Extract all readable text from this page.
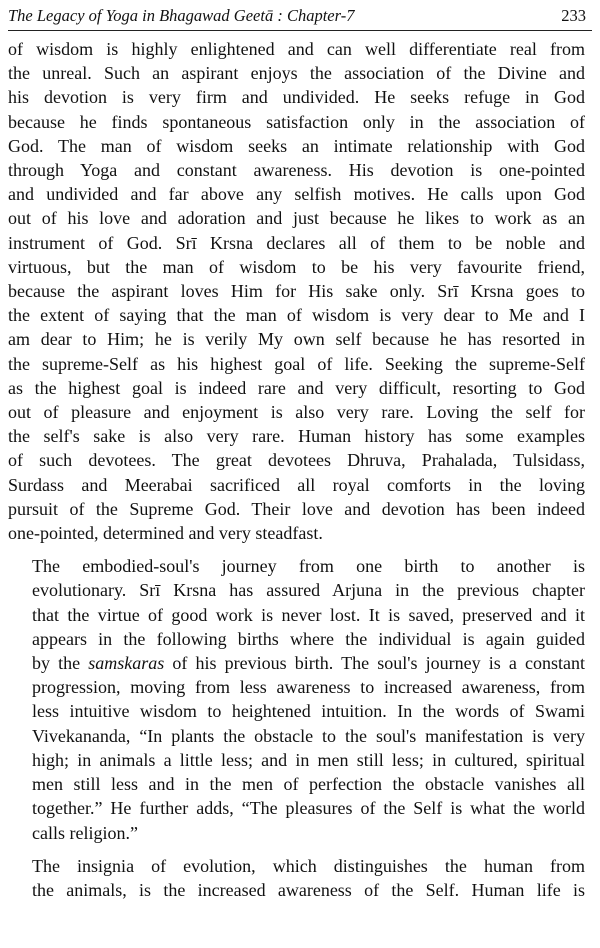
The Legacy of Yoga in Bhagawad Geetā : Chapter-7	233

of wisdom is highly enlightened and can well differentiate real from
the unreal. Such an aspirant enjoys the association of the Divine and
his devotion is very firm and undivided. He seeks refuge in God
because he finds spontaneous satisfaction only in the association of
God. The man of wisdom seeks an intimate relationship with God
through Yoga and constant awareness. His devotion is one-pointed
and undivided and far above any selfish motives. He calls upon God
out of his love and adoration and just because he likes to work as an
instrument of God. Srī Krsna declares all of them to be noble and
virtuous, but the man of wisdom to be his very favourite friend,
because the aspirant loves Him for His sake only. Srī Krsna goes to
the extent of saying that the man of wisdom is very dear to Me and I
am dear to Him; he is verily My own self because he has resorted in
the supreme-Self as his highest goal of life. Seeking the supreme-Self
as the highest goal is indeed rare and very difficult, resorting to God
out of pleasure and enjoyment is also very rare. Loving the self for
the self's sake is also very rare. Human history has some examples
of such devotees. The great devotees Dhruva, Prahalada, Tulsidass,
Surdass and Meerabai sacrificed all royal comforts in the loving
pursuit of the Supreme God. Their love and devotion has been indeed
one-pointed, determined and very steadfast.

The embodied-soul's journey from one birth to another is
evolutionary. Srī Krsna has assured Arjuna in the previous chapter
that the virtue of good work is never lost. It is saved, preserved and it
appears in the following births where the individual is again guided
by the samskaras of his previous birth. The soul's journey is a constant
progression, moving from less awareness to increased awareness, from
less intuitive wisdom to heightened intuition. In the words of Swami
Vivekananda, “In plants the obstacle to the soul's manifestation is very
high; in animals a little less; and in men still less; in cultured, spiritual
men still less and in the men of perfection the obstacle vanishes all
together.” He further adds, “The pleasures of the Self is what the world
calls religion.”

The insignia of evolution, which distinguishes the human from
the animals, is the increased awareness of the Self. Human life is
